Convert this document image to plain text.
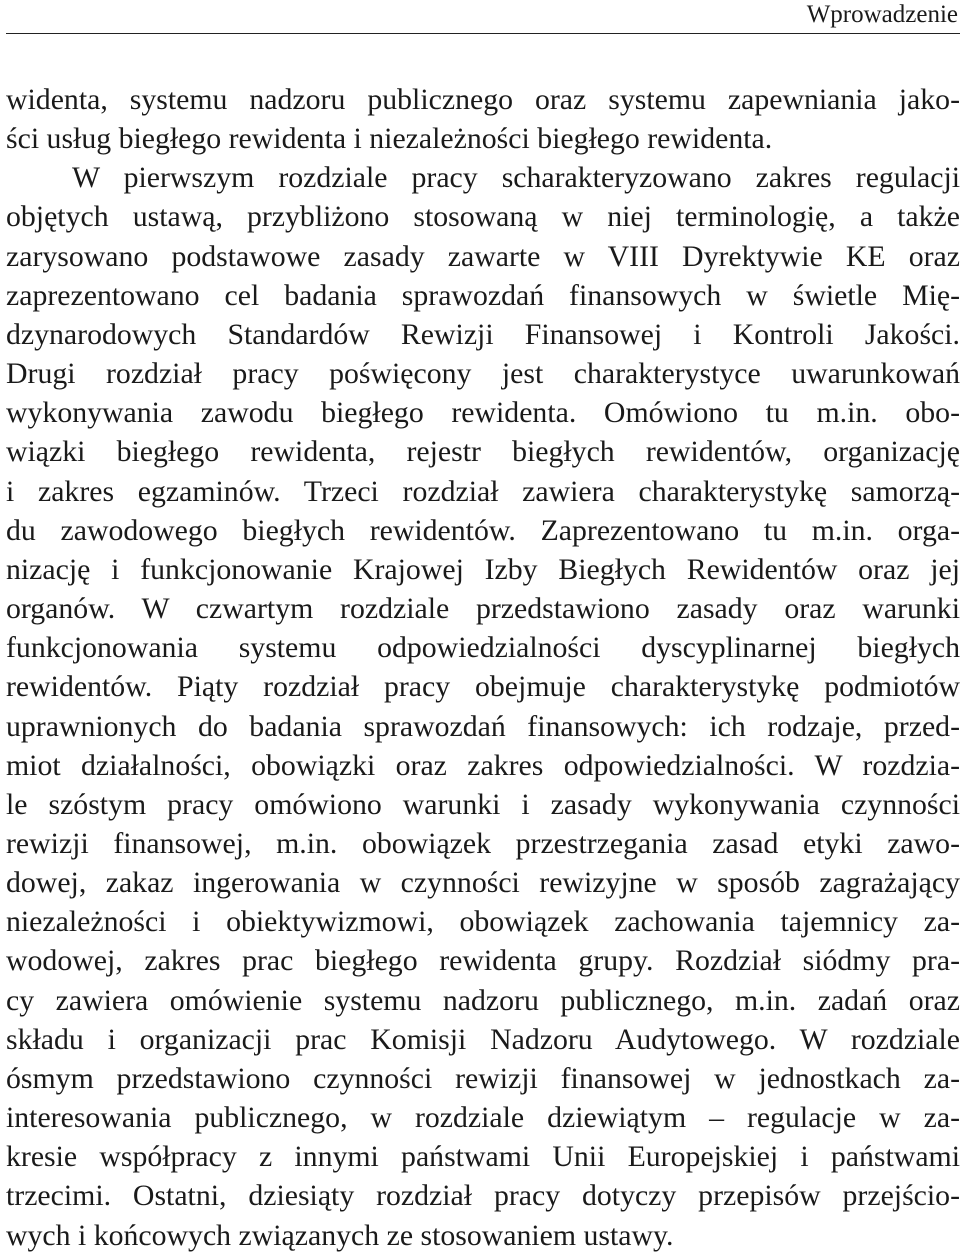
Wprowadzenie
widenta, systemu nadzoru publicznego oraz systemu zapewniania jako-
ści usług biegłego rewidenta i niezależności biegłego rewidenta.
W pierwszym rozdziale pracy scharakteryzowano zakres regulacji
objętych ustawą, przybliżono stosowaną w niej terminologię, a także
zarysowano podstawowe zasady zawarte w VIII Dyrektywie KE oraz
zaprezentowano cel badania sprawozdań finansowych w świetle Mię-
dzynarodowych Standardów Rewizji Finansowej i Kontroli Jakości.
Drugi rozdział pracy poświęcony jest charakterystyce uwarunkowań
wykonywania zawodu biegłego rewidenta. Omówiono tu m.in. obo-
wiązki biegłego rewidenta, rejestr biegłych rewidentów, organizację
i zakres egzaminów. Trzeci rozdział zawiera charakterystykę samorzą-
du zawodowego biegłych rewidentów. Zaprezentowano tu m.in. orga-
nizację i funkcjonowanie Krajowej Izby Biegłych Rewidentów oraz jej
organów. W czwartym rozdziale przedstawiono zasady oraz warunki
funkcjonowania systemu odpowiedzialności dyscyplinarnej biegłych
rewidentów. Piąty rozdział pracy obejmuje charakterystykę podmiotów
uprawnionych do badania sprawozdań finansowych: ich rodzaje, przed-
miot działalności, obowiązki oraz zakres odpowiedzialności. W rozdzia-
le szóstym pracy omówiono warunki i zasady wykonywania czynności
rewizji finansowej, m.in. obowiązek przestrzegania zasad etyki zawo-
dowej, zakaz ingerowania w czynności rewizyjne w sposób zagrażający
niezależności i obiektywizmowi, obowiązek zachowania tajemnicy za-
wodowej, zakres prac biegłego rewidenta grupy. Rozdział siódmy pra-
cy zawiera omówienie systemu nadzoru publicznego, m.in. zadań oraz
składu i organizacji prac Komisji Nadzoru Audytowego. W rozdziale
ósmym przedstawiono czynności rewizji finansowej w jednostkach za-
interesowania publicznego, w rozdziale dziewiątym – regulacje w za-
kresie współpracy z innymi państwami Unii Europejskiej i państwami
trzecimi. Ostatni, dziesiąty rozdział pracy dotyczy przepisów przejścio-
wych i końcowych związanych ze stosowaniem ustawy.
